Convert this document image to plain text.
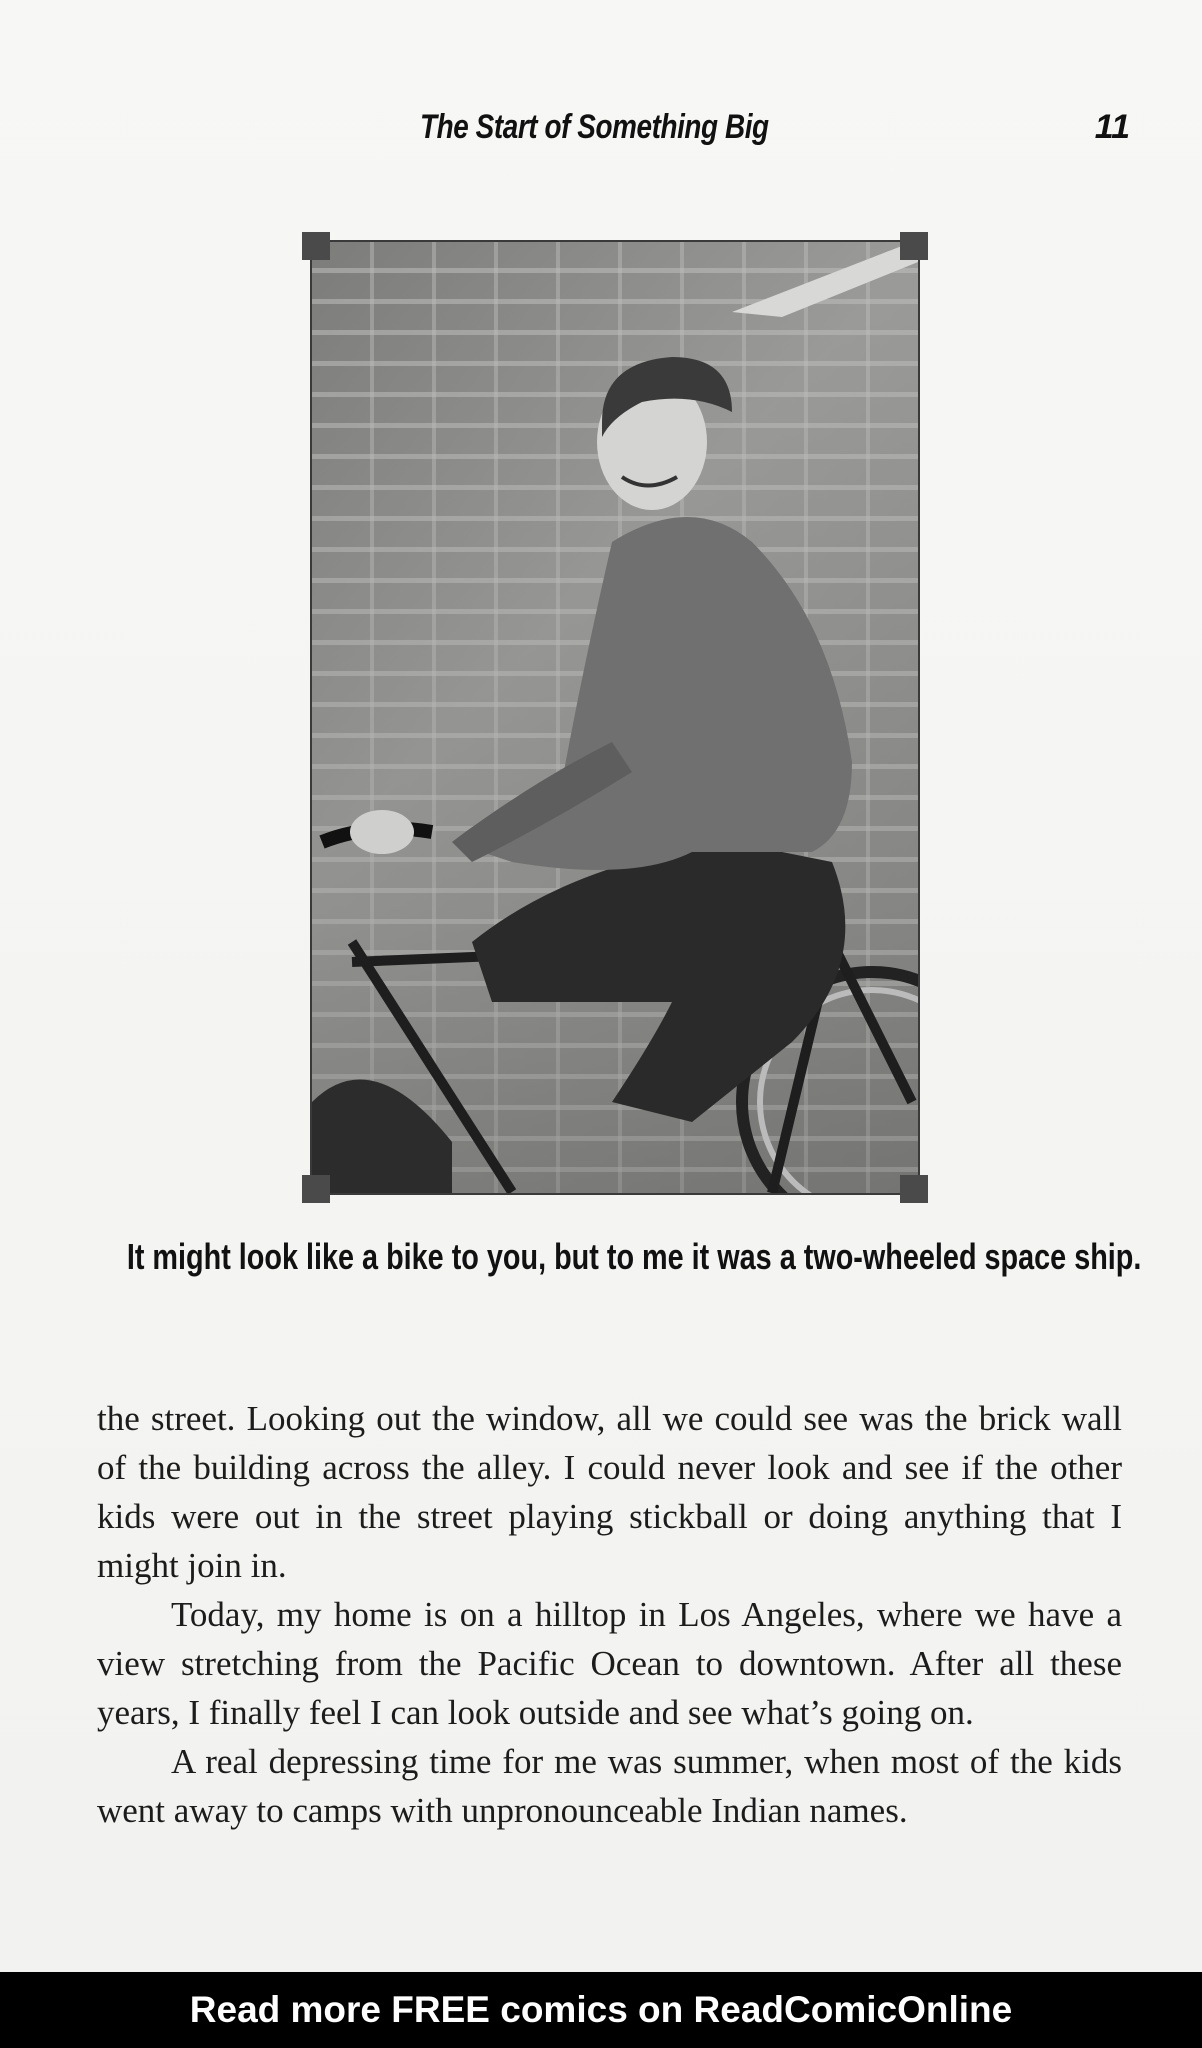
The Start of Something Big	11
It might look like a bike to you, but to me it was a two-wheeled space ship.

the street. Looking out the window, all we could see was the brick wall of the building across the alley. I could never look and see if the other kids were out in the street playing stickball or doing anything that I might join in.

Today, my home is on a hilltop in Los Angeles, where we have a view stretching from the Pacific Ocean to downtown. After all these years, I finally feel I can look outside and see what’s going on.

A real depressing time for me was summer, when most of the kids went away to camps with unpronounceable Indian names.

Read more FREE comics on ReadComicOnline
